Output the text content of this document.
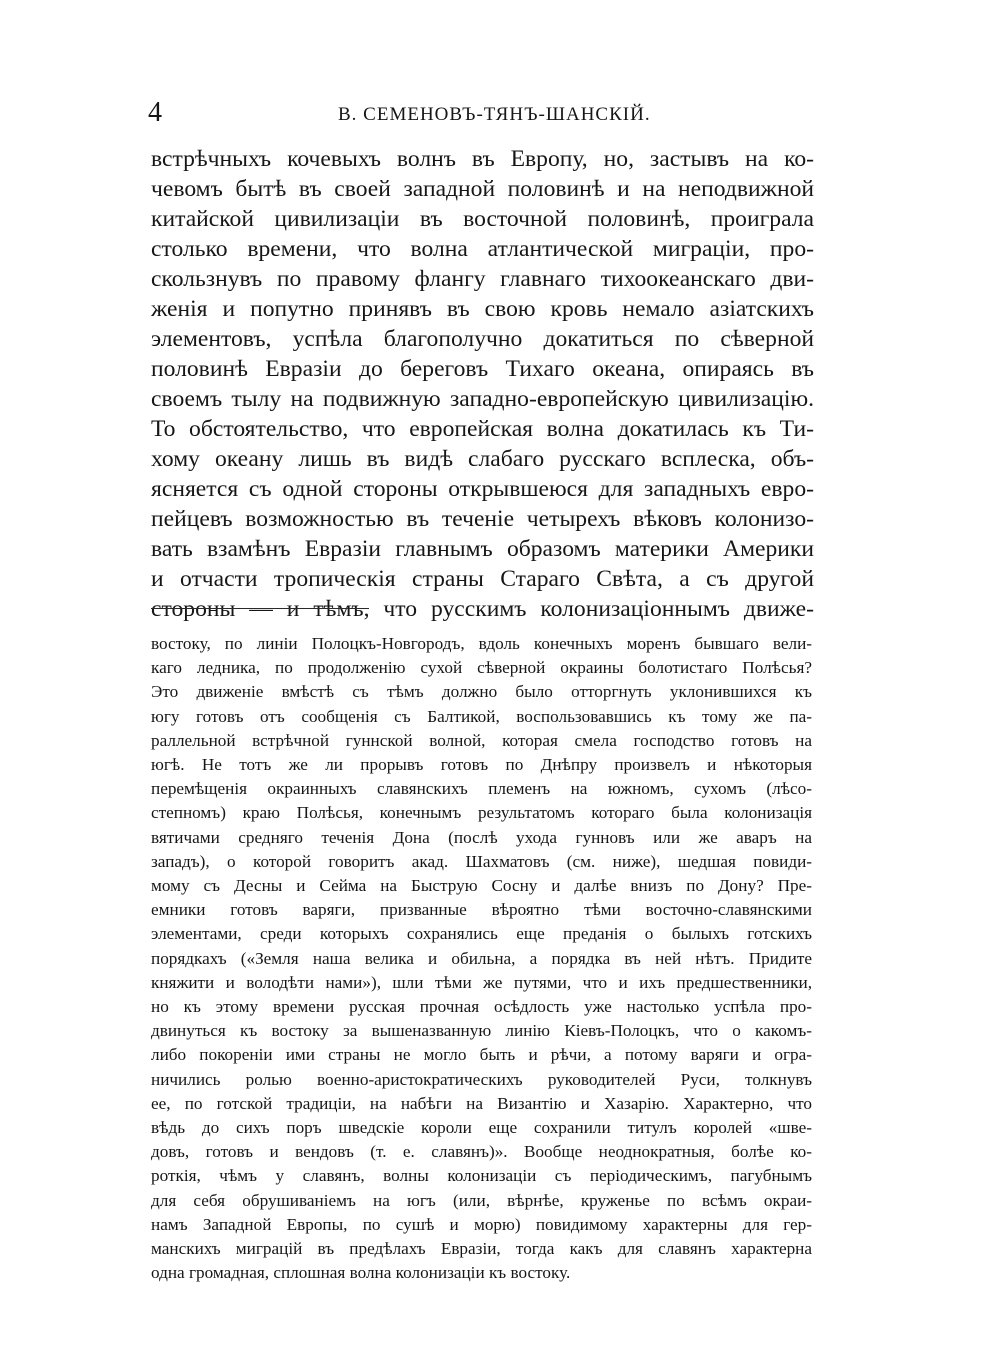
4	В. СЕМЕНОВЪ-ТЯНЪ-ШАНСКІЙ.
встрѣчныхъ кочевыхъ волнъ въ Европу, но, застывъ на ко-
чевомъ бытѣ въ своей западной половинѣ и на неподвижной
китайской цивилизаціи въ восточной половинѣ, проиграла
столько времени, что волна атлантической миграціи, про-
скользнувъ по правому флангу главнаго тихоокеанскаго дви-
женія и попутно принявъ въ свою кровь немало азіатскихъ
элементовъ, успѣла благополучно докатиться по сѣверной
половинѣ Евразіи до береговъ Тихаго океана, опираясь въ
своемъ тылу на подвижную западно-европейскую цивилизацію.
То обстоятельство, что европейская волна докатилась къ Ти-
хому океану лишь въ видѣ слабаго русскаго всплеска, объ-
ясняется съ одной стороны открывшеюся для западныхъ евро-
пейцевъ возможностью въ теченіе четырехъ вѣковъ колонизо-
вать взамѣнъ Евразіи главнымъ образомъ материки Америки
и отчасти тропическія страны Стараго Свѣта, а съ другой
стороны — и тѣмъ, что русскимъ колонизаціоннымъ движе-
востоку, по линіи Полоцкъ-Новгородъ, вдоль конечныхъ моренъ бывшаго вели-
каго ледника, по продолженію сухой сѣверной окраины болотистаго Полѣсья?
Это движеніе вмѣстѣ съ тѣмъ должно было отторгнуть уклонившихся къ
югу готовъ отъ сообщенія съ Балтикой, воспользовавшись къ тому же па-
раллельной встрѣчной гуннской волной, которая смела господство готовъ на
югѣ. Не тотъ же ли прорывъ готовъ по Днѣпру произвелъ и нѣкоторыя
перемѣщенія окраинныхъ славянскихъ племенъ на южномъ, сухомъ (лѣсо-
степномъ) краю Полѣсья, конечнымъ результатомъ котораго была колонизація
вятичами средняго теченія Дона (послѣ ухода гунновъ или же аваръ на
западъ), о которой говоритъ акад. Шахматовъ (см. ниже), шедшая повиди-
мому съ Десны и Сейма на Быструю Сосну и далѣе внизъ по Дону? Пре-
емники готовъ варяги, призванные вѣроятно тѣми восточно-славянскими
элементами, среди которыхъ сохранялись еще преданія о былыхъ готскихъ
порядкахъ («Земля наша велика и обильна, а порядка въ ней нѣтъ. Придите
княжити и володѣти нами»), шли тѣми же путями, что и ихъ предшественники,
но къ этому времени русская прочная осѣдлость уже настолько успѣла про-
двинуться къ востоку за вышеназванную линію Кіевъ-Полоцкъ, что о какомъ-
либо покореніи ими страны не могло быть и рѣчи, а потому варяги и огра-
ничились ролью военно-аристократическихъ руководителей Руси, толкнувъ
ее, по готской традиціи, на набѣги на Византію и Хазарію. Характерно, что
вѣдь до сихъ поръ шведскіе короли еще сохранили титулъ королей «шве-
довъ, готовъ и вендовъ (т. е. славянъ)». Вообще неоднократныя, болѣе ко-
роткія, чѣмъ у славянъ, волны колонизаціи съ періодическимъ, пагубнымъ
для себя обрушиваніемъ на югъ (или, вѣрнѣе, круженье по всѣмъ окраи-
намъ Западной Европы, по сушѣ и морю) повидимому характерны для гер-
манскихъ миграцій въ предѣлахъ Евразіи, тогда какъ для славянъ характерна
одна громадная, сплошная волна колонизаціи къ востоку.
